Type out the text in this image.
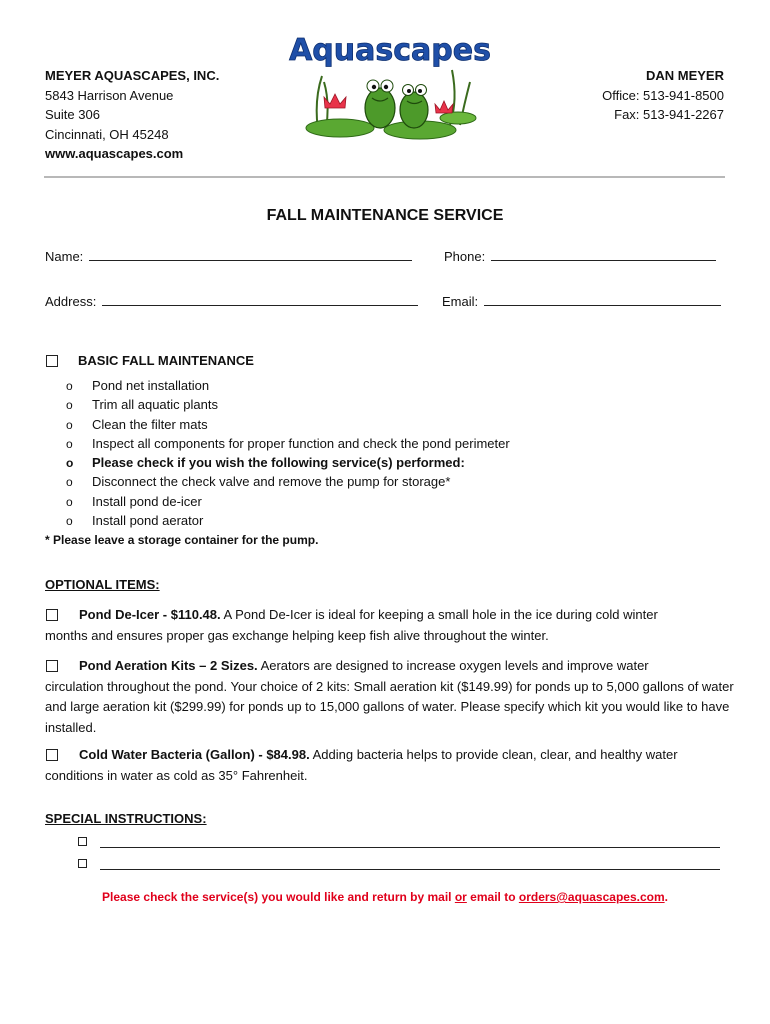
MEYER AQUASCAPES, INC.
5843 Harrison Avenue
Suite 306
Cincinnati, OH 45248
www.aquascapes.com
Aquascapes
DAN MEYER
Office: 513-941-8500
Fax: 513-941-2267
FALL MAINTENANCE SERVICE
Name:	Phone:
Address:	Email:
BASIC FALL MAINTENANCE
o Pond net installation
o Trim all aquatic plants
o Clean the filter mats
o Inspect all components for proper function and check the pond perimeter
o Please check if you wish the following service(s) performed:
o Disconnect the check valve and remove the pump for storage*
o Install pond de-icer
o Install pond aerator
* Please leave a storage container for the pump.
OPTIONAL ITEMS:
Pond De-Icer - $110.48. A Pond De-Icer is ideal for keeping a small hole in the ice during cold winter
months and ensures proper gas exchange helping keep fish alive throughout the winter.
Pond Aeration Kits – 2 Sizes. Aerators are designed to increase oxygen levels and improve water
circulation throughout the pond. Your choice of 2 kits: Small aeration kit ($149.99) for ponds up to 5,000 gallons of water and large aeration kit ($299.99) for ponds up to 15,000 gallons of water. Please specify which kit you would like to have installed.
Cold Water Bacteria (Gallon) - $84.98. Adding bacteria helps to provide clean, clear, and healthy water
conditions in water as cold as 35° Fahrenheit.
SPECIAL INSTRUCTIONS:
Please check the service(s) you would like and return by mail or email to orders@aquascapes.com.
